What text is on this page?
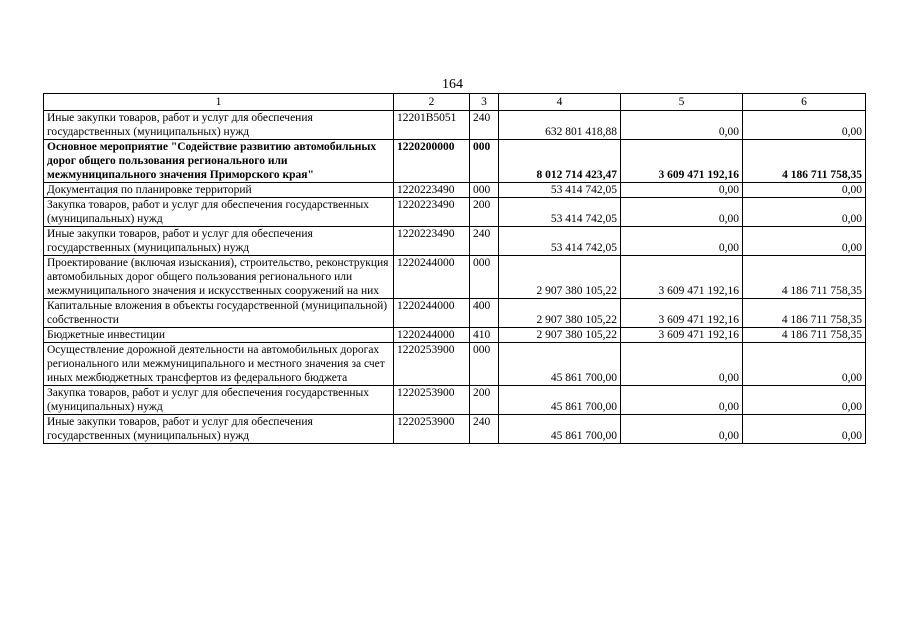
164
1	2	3	4	5	6
Иные закупки товаров, работ и услуг для обеспечения государственных (муниципальных) нужд	12201B5051	240	632 801 418,88	0,00	0,00
Основное мероприятие "Содействие развитию автомобильных дорог общего пользования регионального или межмуниципального значения Приморского края"	1220200000	000	8 012 714 423,47	3 609 471 192,16	4 186 711 758,35
Документация по планировке территорий	1220223490	000	53 414 742,05	0,00	0,00
Закупка товаров, работ и услуг для обеспечения государственных (муниципальных) нужд	1220223490	200	53 414 742,05	0,00	0,00
Иные закупки товаров, работ и услуг для обеспечения государственных (муниципальных) нужд	1220223490	240	53 414 742,05	0,00	0,00
Проектирование (включая изыскания), строительство, реконструкция автомобильных дорог общего пользования регионального или межмуниципального значения и искусственных сооружений на них	1220244000	000	2 907 380 105,22	3 609 471 192,16	4 186 711 758,35
Капитальные вложения в объекты государственной (муниципальной) собственности	1220244000	400	2 907 380 105,22	3 609 471 192,16	4 186 711 758,35
Бюджетные инвестиции	1220244000	410	2 907 380 105,22	3 609 471 192,16	4 186 711 758,35
Осуществление дорожной деятельности на автомобильных дорогах регионального или межмуниципального и местного значения за счет иных межбюджетных трансфертов из федерального бюджета	1220253900	000	45 861 700,00	0,00	0,00
Закупка товаров, работ и услуг для обеспечения государственных (муниципальных) нужд	1220253900	200	45 861 700,00	0,00	0,00
Иные закупки товаров, работ и услуг для обеспечения государственных (муниципальных) нужд	1220253900	240	45 861 700,00	0,00	0,00
